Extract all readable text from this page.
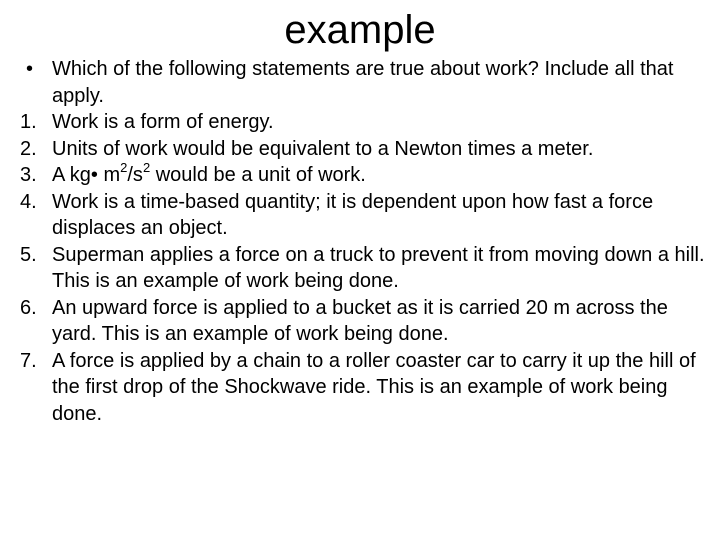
example
• Which of the following statements are true about work? Include all that apply.
1. Work is a form of energy.
2. Units of work would be equivalent to a Newton times a meter.
3. A kg• $m^2/s^2$ would be a unit of work.
4. Work is a time-based quantity; it is dependent upon how fast a force displaces an object.
5. Superman applies a force on a truck to prevent it from moving down a hill. This is an example of work being done.
6. An upward force is applied to a bucket as it is carried 20 m across the yard. This is an example of work being done.
7. A force is applied by a chain to a roller coaster car to carry it up the hill of the first drop of the Shockwave ride. This is an example of work being done.
